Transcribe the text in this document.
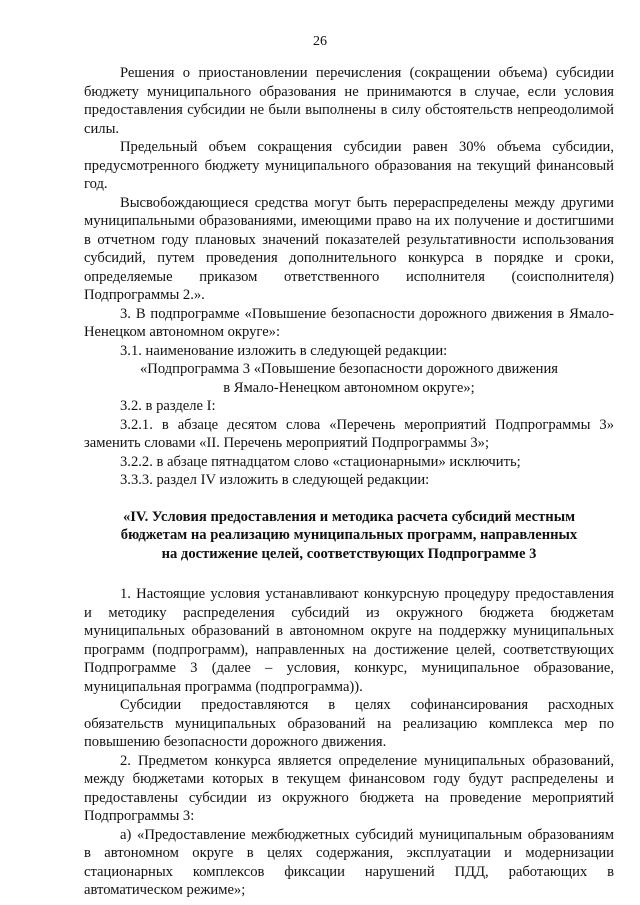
26

Решения о приостановлении перечисления (сокращении объема) субсидии бюджету муниципального образования не принимаются в случае, если условия предоставления субсидии не были выполнены в силу обстоятельств непреодолимой силы.

Предельный объем сокращения субсидии равен 30% объема субсидии, предусмотренного бюджету муниципального образования на текущий финансовый год.

Высвобождающиеся средства могут быть перераспределены между другими муниципальными образованиями, имеющими право на их получение и достигшими в отчетном году плановых значений показателей результативности использования субсидий, путем проведения дополнительного конкурса в порядке и сроки, определяемые приказом ответственного исполнителя (соисполнителя) Подпрограммы 2.».

3. В подпрограмме «Повышение безопасности дорожного движения в Ямало-Ненецком автономном округе»:

3.1. наименование изложить в следующей редакции:

«Подпрограмма 3 «Повышение безопасности дорожного движения
в Ямало-Ненецком автономном округе»;

3.2. в разделе I:

3.2.1. в абзаце десятом слова «Перечень мероприятий Подпрограммы 3» заменить словами «II. Перечень мероприятий Подпрограммы 3»;

3.2.2. в абзаце пятнадцатом слово «стационарными» исключить;

3.3.3. раздел IV изложить в следующей редакции:

«IV. Условия предоставления и методика расчета субсидий местным
бюджетам на реализацию муниципальных программ, направленных
на достижение целей, соответствующих Подпрограмме 3

1. Настоящие условия устанавливают конкурсную процедуру предоставления и методику распределения субсидий из окружного бюджета бюджетам муниципальных образований в автономном округе на поддержку муниципальных программ (подпрограмм), направленных на достижение целей, соответствующих Подпрограмме 3 (далее – условия, конкурс, муниципальное образование, муниципальная программа (подпрограмма)).

Субсидии предоставляются в целях софинансирования расходных обязательств муниципальных образований на реализацию комплекса мер по повышению безопасности дорожного движения.

2. Предметом конкурса является определение муниципальных образований, между бюджетами которых в текущем финансовом году будут распределены и предоставлены субсидии из окружного бюджета на проведение мероприятий Подпрограммы 3:

а) «Предоставление межбюджетных субсидий муниципальным образованиям в автономном округе в целях содержания, эксплуатации и модернизации стационарных комплексов фиксации нарушений ПДД, работающих в автоматическом режиме»;
